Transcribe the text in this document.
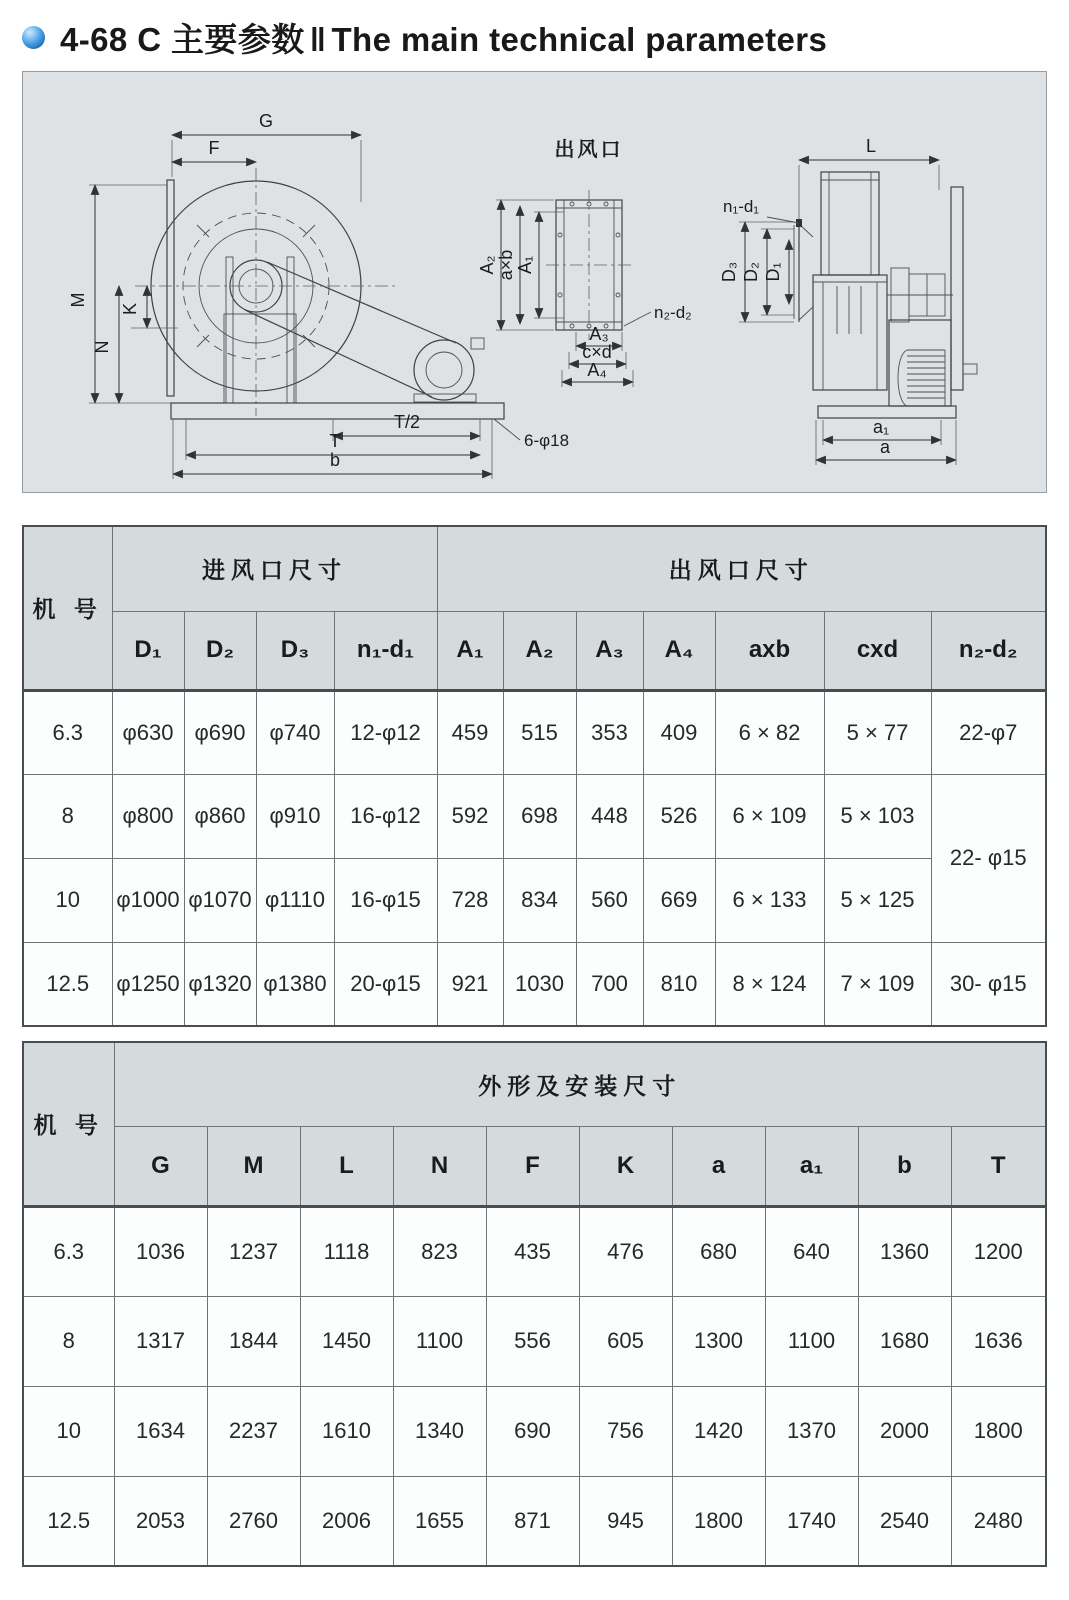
4-68 C 主要参数 ‖ The main technical parameters
G
F
M
K
N
T/2
T
b
6-φ18
出风口
A₂ a×b A₁
A₃
c×d
A₄
n₂-d₂
L
D₃ D₂ D₁
n₁-d₁
a₁
a
机 号	进风口尺寸				出风口尺寸						
	D₁	D₂	D₃	n₁-d₁	A₁	A₂	A₃	A₄	axb	cxd	n₂-d₂
6.3	φ630	φ690	φ740	12-φ12	459	515	353	409	6 × 82	5 × 77	22-φ7
8	φ800	φ860	φ910	16-φ12	592	698	448	526	6 × 109	5 × 103	22- φ15
10	φ1000	φ1070	φ1110	16-φ15	728	834	560	669	6 × 133	5 × 125	
12.5	φ1250	φ1320	φ1380	20-φ15	921	1030	700	810	8 × 124	7 × 109	30- φ15
机 号	外形及安装尺寸									
	G	M	L	N	F	K	a	a₁	b	T
6.3	1036	1237	1118	823	435	476	680	640	1360	1200
8	1317	1844	1450	1100	556	605	1300	1100	1680	1636
10	1634	2237	1610	1340	690	756	1420	1370	2000	1800
12.5	2053	2760	2006	1655	871	945	1800	1740	2540	2480
